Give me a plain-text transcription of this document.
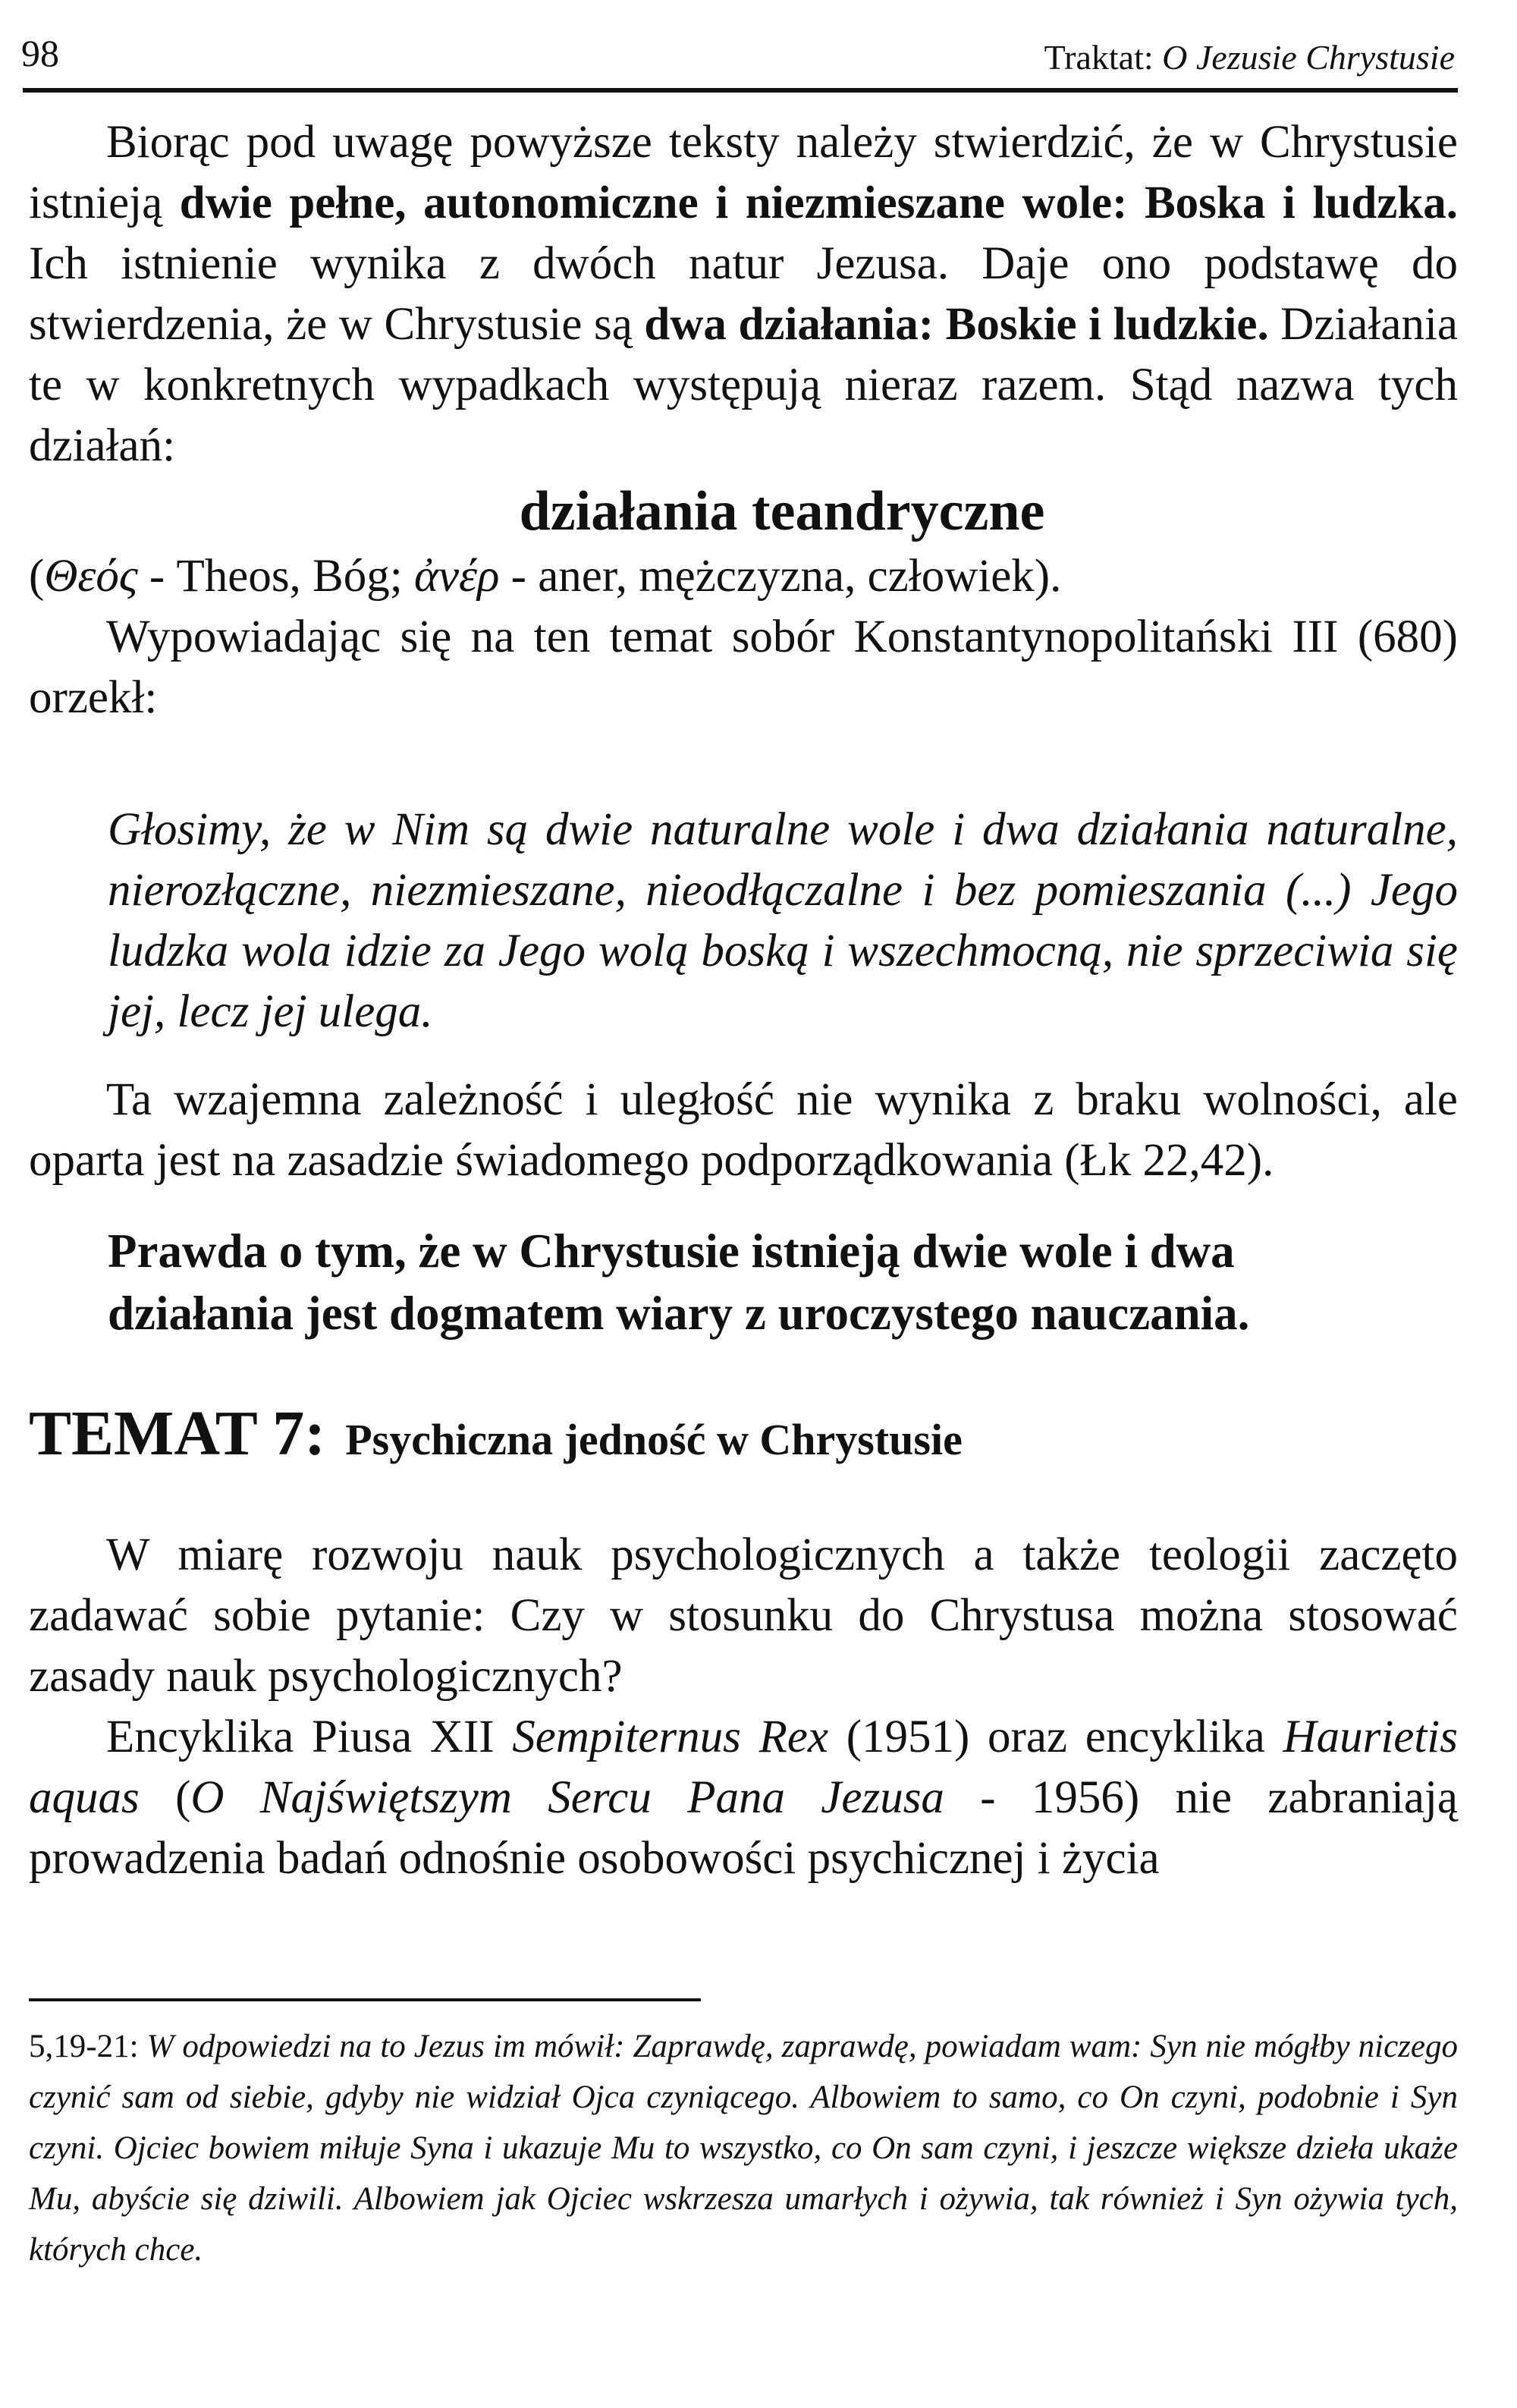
98	Traktat: O Jezusie Chrystusie

Biorąc pod uwagę powyższe teksty należy stwierdzić, że w Chrystusie istnieją dwie pełne, autonomiczne i niezmieszane wole: Boska i ludzka. Ich istnienie wynika z dwóch natur Jezusa. Daje ono podstawę do stwierdzenia, że w Chrystusie są dwa działania: Boskie i ludzkie. Działania te w konkretnych wypadkach występują nieraz razem. Stąd nazwa tych działań:

działania teandryczne

(Θεός - Theos, Bóg; ἀνέρ - aner, mężczyzna, człowiek).

Wypowiadając się na ten temat sobór Konstantynopolitański III (680) orzekł:

Głosimy, że w Nim są dwie naturalne wole i dwa działania naturalne, nierozłączne, niezmieszane, nieodłączalne i bez pomieszania (...) Jego ludzka wola idzie za Jego wolą boską i wszechmocną, nie sprzeciwia się jej, lecz jej ulega.

Ta wzajemna zależność i uległość nie wynika z braku wolności, ale oparta jest na zasadzie świadomego podporządkowania (Łk 22,42).

Prawda o tym, że w Chrystusie istnieją dwie wole i dwa działania jest dogmatem wiary z uroczystego nauczania.
TEMAT 7: Psychiczna jedność w Chrystusie

W miarę rozwoju nauk psychologicznych a także teologii zaczęto zadawać sobie pytanie: Czy w stosunku do Chrystusa można stosować zasady nauk psychologicznych?

Encyklika Piusa XII Sempiternus Rex (1951) oraz encyklika Haurietis aquas (O Najświętszym Sercu Pana Jezusa - 1956) nie zabraniają prowadzenia badań odnośnie osobowości psychicznej i życia

5,19-21: W odpowiedzi na to Jezus im mówił: Zaprawdę, zaprawdę, powiadam wam: Syn nie mógłby niczego czynić sam od siebie, gdyby nie widział Ojca czyniącego. Albowiem to samo, co On czyni, podobnie i Syn czyni. Ojciec bowiem miłuje Syna i ukazuje Mu to wszystko, co On sam czyni, i jeszcze większe dzieła ukaże Mu, abyście się dziwili. Albowiem jak Ojciec wskrzesza umarłych i ożywia, tak również i Syn ożywia tych, których chce.
